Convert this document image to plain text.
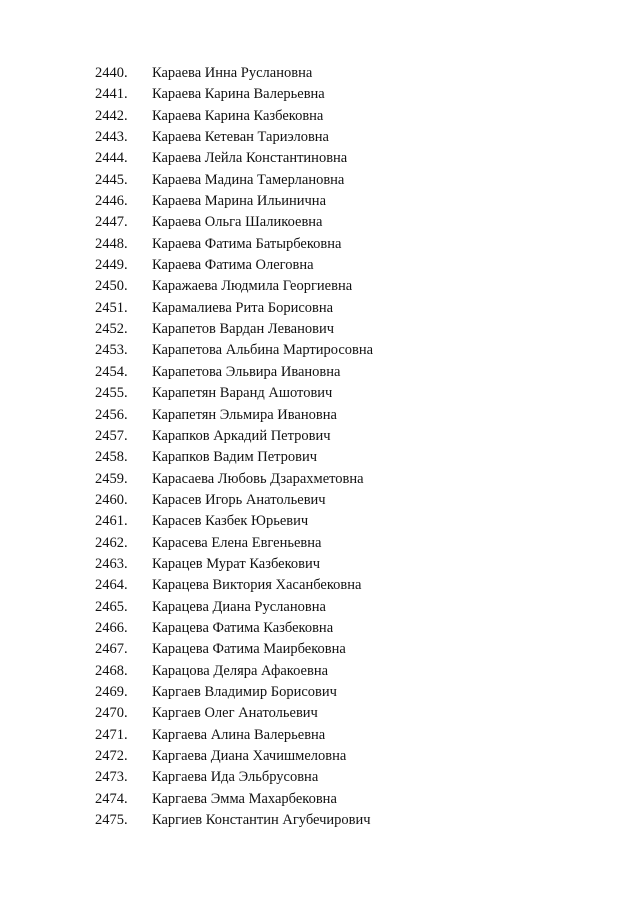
2440.	Караева Инна Руслановна
2441.	Караева Карина Валерьевна
2442.	Караева Карина Казбековна
2443.	Караева Кетеван Тариэловна
2444.	Караева Лейла Константиновна
2445.	Караева Мадина Тамерлановна
2446.	Караева Марина Ильинична
2447.	Караева Ольга Шаликоевна
2448.	Караева Фатима Батырбековна
2449.	Караева Фатима Олеговна
2450.	Каражаева Людмила Георгиевна
2451.	Карамалиева Рита Борисовна
2452.	Карапетов Вардан Леванович
2453.	Карапетова Альбина Мартиросовна
2454.	Карапетова Эльвира Ивановна
2455.	Карапетян Варанд Ашотович
2456.	Карапетян Эльмира Ивановна
2457.	Карапков Аркадий Петрович
2458.	Карапков Вадим Петрович
2459.	Карасаева Любовь Дзарахметовна
2460.	Карасев Игорь Анатольевич
2461.	Карасев Казбек Юрьевич
2462.	Карасева Елена Евгеньевна
2463.	Карацев Мурат Казбекович
2464.	Карацева Виктория Хасанбековна
2465.	Карацева Диана Руслановна
2466.	Карацева Фатима Казбековна
2467.	Карацева Фатима Маирбековна
2468.	Карацова Деляра Афакоевна
2469.	Каргаев Владимир Борисович
2470.	Каргаев Олег Анатольевич
2471.	Каргаева Алина Валерьевна
2472.	Каргаева Диана Хачишмеловна
2473.	Каргаева Ида Эльбрусовна
2474.	Каргаева Эмма Махарбековна
2475.	Каргиев Константин Агубечирович
